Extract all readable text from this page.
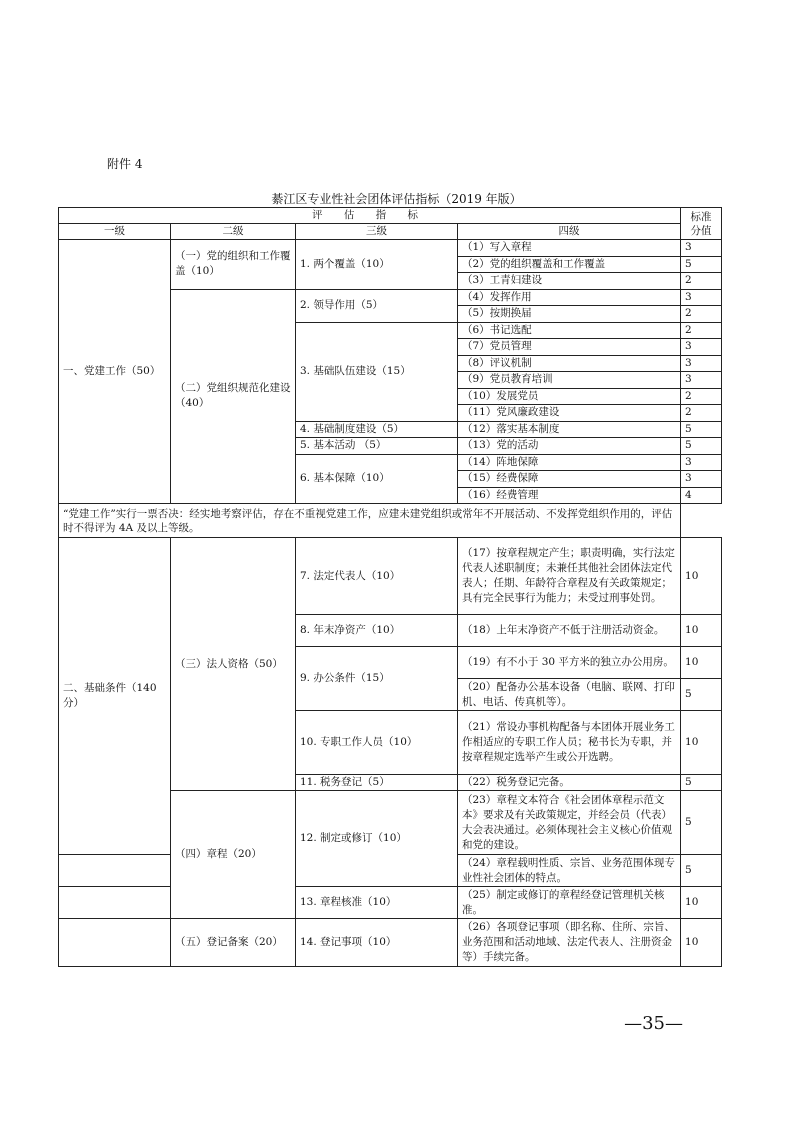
附件 4
綦江区专业性社会团体评估指标（2019 年版）
评 估 指 标				标准
分值
一级	二级	三级	四级	
一、党建工作（50）	（一）党的组织和工作覆盖（10）	1. 两个覆盖（10）	（1）写入章程	3
			（2）党的组织覆盖和工作覆盖	5
			（3）工青妇建设	2
	（二）党组织规范化建设（40）	2. 领导作用（5）	（4）发挥作用	3
			（5）按期换届	2
		3. 基础队伍建设（15）	（6）书记选配	2
			（7）党员管理	3
			（8）评议机制	3
			（9）党员教育培训	3
			（10）发展党员	2
			（11）党风廉政建设	2
		4. 基础制度建设（5）	（12）落实基本制度	5
		5. 基本活动 （5）	（13）党的活动	5
		6. 基本保障（10）	（14）阵地保障	3
			（15）经费保障	3
			（16）经费管理	4
“党建工作”实行一票否决：经实地考察评估，存在不重视党建工作，应建未建党组织或常年不开展活动、不发挥党组织作用的，评估时不得评为 4A 及以上等级。				
二、基础条件（140 分）	（三）法人资格（50）	7. 法定代表人（10）	（17）按章程规定产生；职责明确，实行法定代表人述职制度；未兼任其他社会团体法定代表人；任期、年龄符合章程及有关政策规定；具有完全民事行为能力；未受过刑事处罚。	10
		8. 年末净资产（10）	（18）上年末净资产不低于注册活动资金。	10
		9. 办公条件（15）	（19）有不小于 30 平方米的独立办公用房。	10
			（20）配备办公基本设备（电脑、联网、打印机、电话、传真机等）。	5
		10. 专职工作人员（10）	（21）常设办事机构配备与本团体开展业务工作相适应的专职工作人员；秘书长为专职，并按章程规定选举产生或公开选聘。	10
		11. 税务登记（5）	（22）税务登记完备。	5
	（四）章程（20）	12. 制定或修订（10）	（23）章程文本符合《社会团体章程示范文本》要求及有关政策规定，并经会员（代表）大会表决通过。必须体现社会主义核心价值观和党的建设。	5
			（24）章程载明性质、宗旨、业务范围体现专业性社会团体的特点。	5
		13. 章程核准（10）	（25）制定或修订的章程经登记管理机关核准。	10
	（五）登记备案（20）	14. 登记事项（10）	（26）各项登记事项（即名称、住所、宗旨、业务范围和活动地域、法定代表人、注册资金等）手续完备。	10
—35—
